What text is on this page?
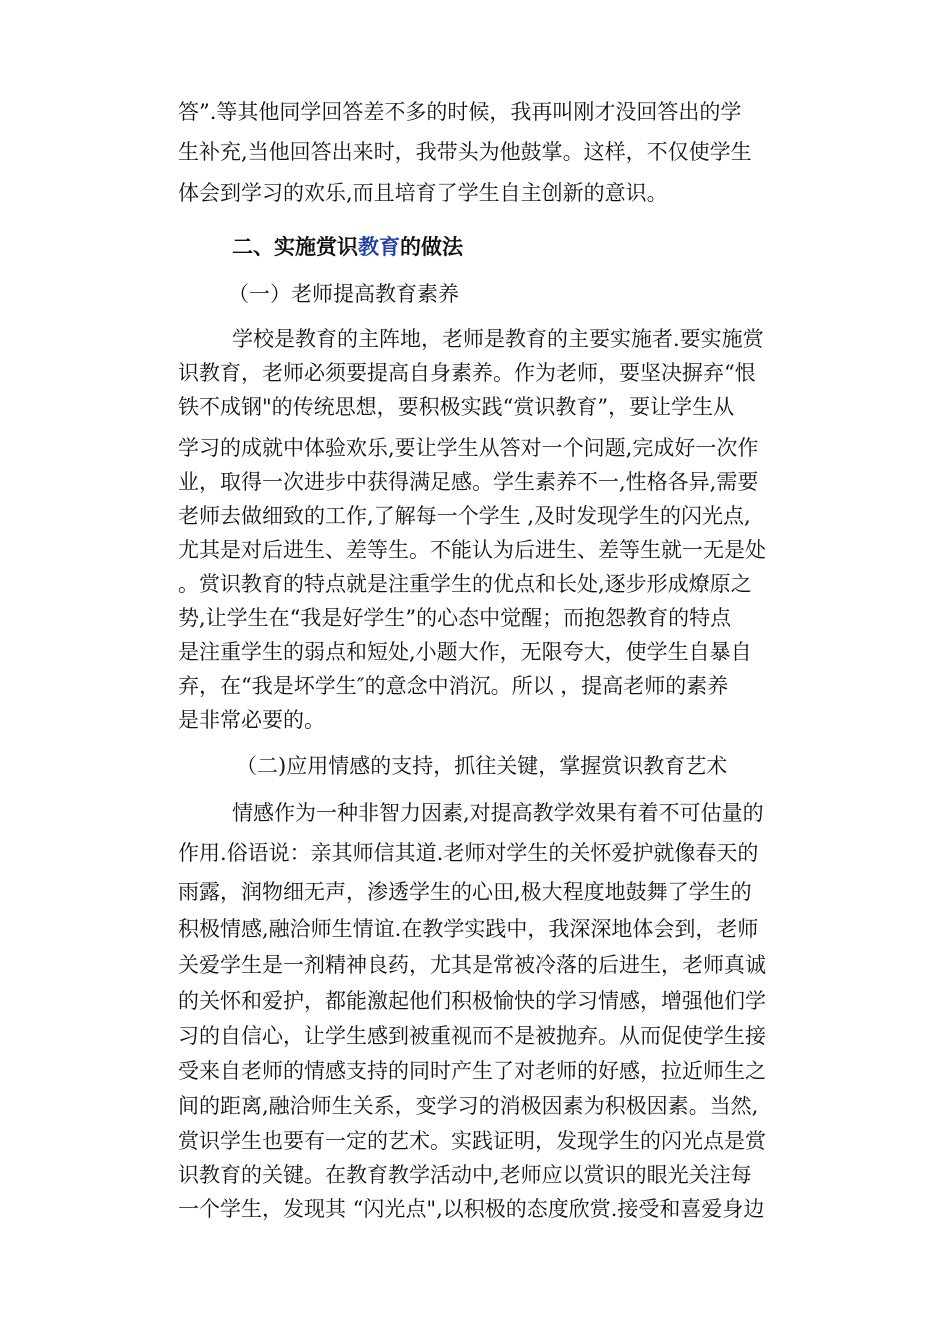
答”.等其他同学回答差不多的时候，我再叫刚才没回答出的学
生补充,当他回答出来时，我带头为他鼓掌。这样，不仅使学生
体会到学习的欢乐,而且培育了学生自主创新的意识。
二、实施赏识教育的做法
（一）老师提高教育素养
学校是教育的主阵地，老师是教育的主要实施者.要实施赏
识教育，老师必须要提高自身素养。作为老师，要坚决摒弃“恨
铁不成钢"的传统思想，要积极实践“赏识教育”，要让学生从
学习的成就中体验欢乐,要让学生从答对一个问题,完成好一次作
业，取得一次进步中获得满足感。学生素养不一,性格各异,需要
老师去做细致的工作,了解每一个学生 ,及时发现学生的闪光点,
尤其是对后进生、差等生。不能认为后进生、差等生就一无是处
。赏识教育的特点就是注重学生的优点和长处,逐步形成燎原之
势,让学生在“我是好学生”的心态中觉醒；而抱怨教育的特点
是注重学生的弱点和短处,小题大作，无限夸大，使学生自暴自
弃，在“我是坏学生″的意念中消沉。所以 ，提高老师的素养
是非常必要的。
（二)应用情感的支持，抓往关键，掌握赏识教育艺术
情感作为一种非智力因素,对提高教学效果有着不可估量的
作用.俗语说：亲其师信其道.老师对学生的关怀爱护就像春天的
雨露，润物细无声，渗透学生的心田,极大程度地鼓舞了学生的
积极情感,融洽师生情谊.在教学实践中，我深深地体会到，老师
关爱学生是一剂精神良药，尤其是常被冷落的后进生，老师真诚
的关怀和爱护，都能激起他们积极愉快的学习情感，增强他们学
习的自信心，让学生感到被重视而不是被抛弃。从而促使学生接
受来自老师的情感支持的同时产生了对老师的好感，拉近师生之
间的距离,融洽师生关系，变学习的消极因素为积极因素。当然,
赏识学生也要有一定的艺术。实践证明，发现学生的闪光点是赏
识教育的关键。在教育教学活动中,老师应以赏识的眼光关注每
一个学生，发现其 “闪光点",以积极的态度欣赏.接受和喜爱身边
